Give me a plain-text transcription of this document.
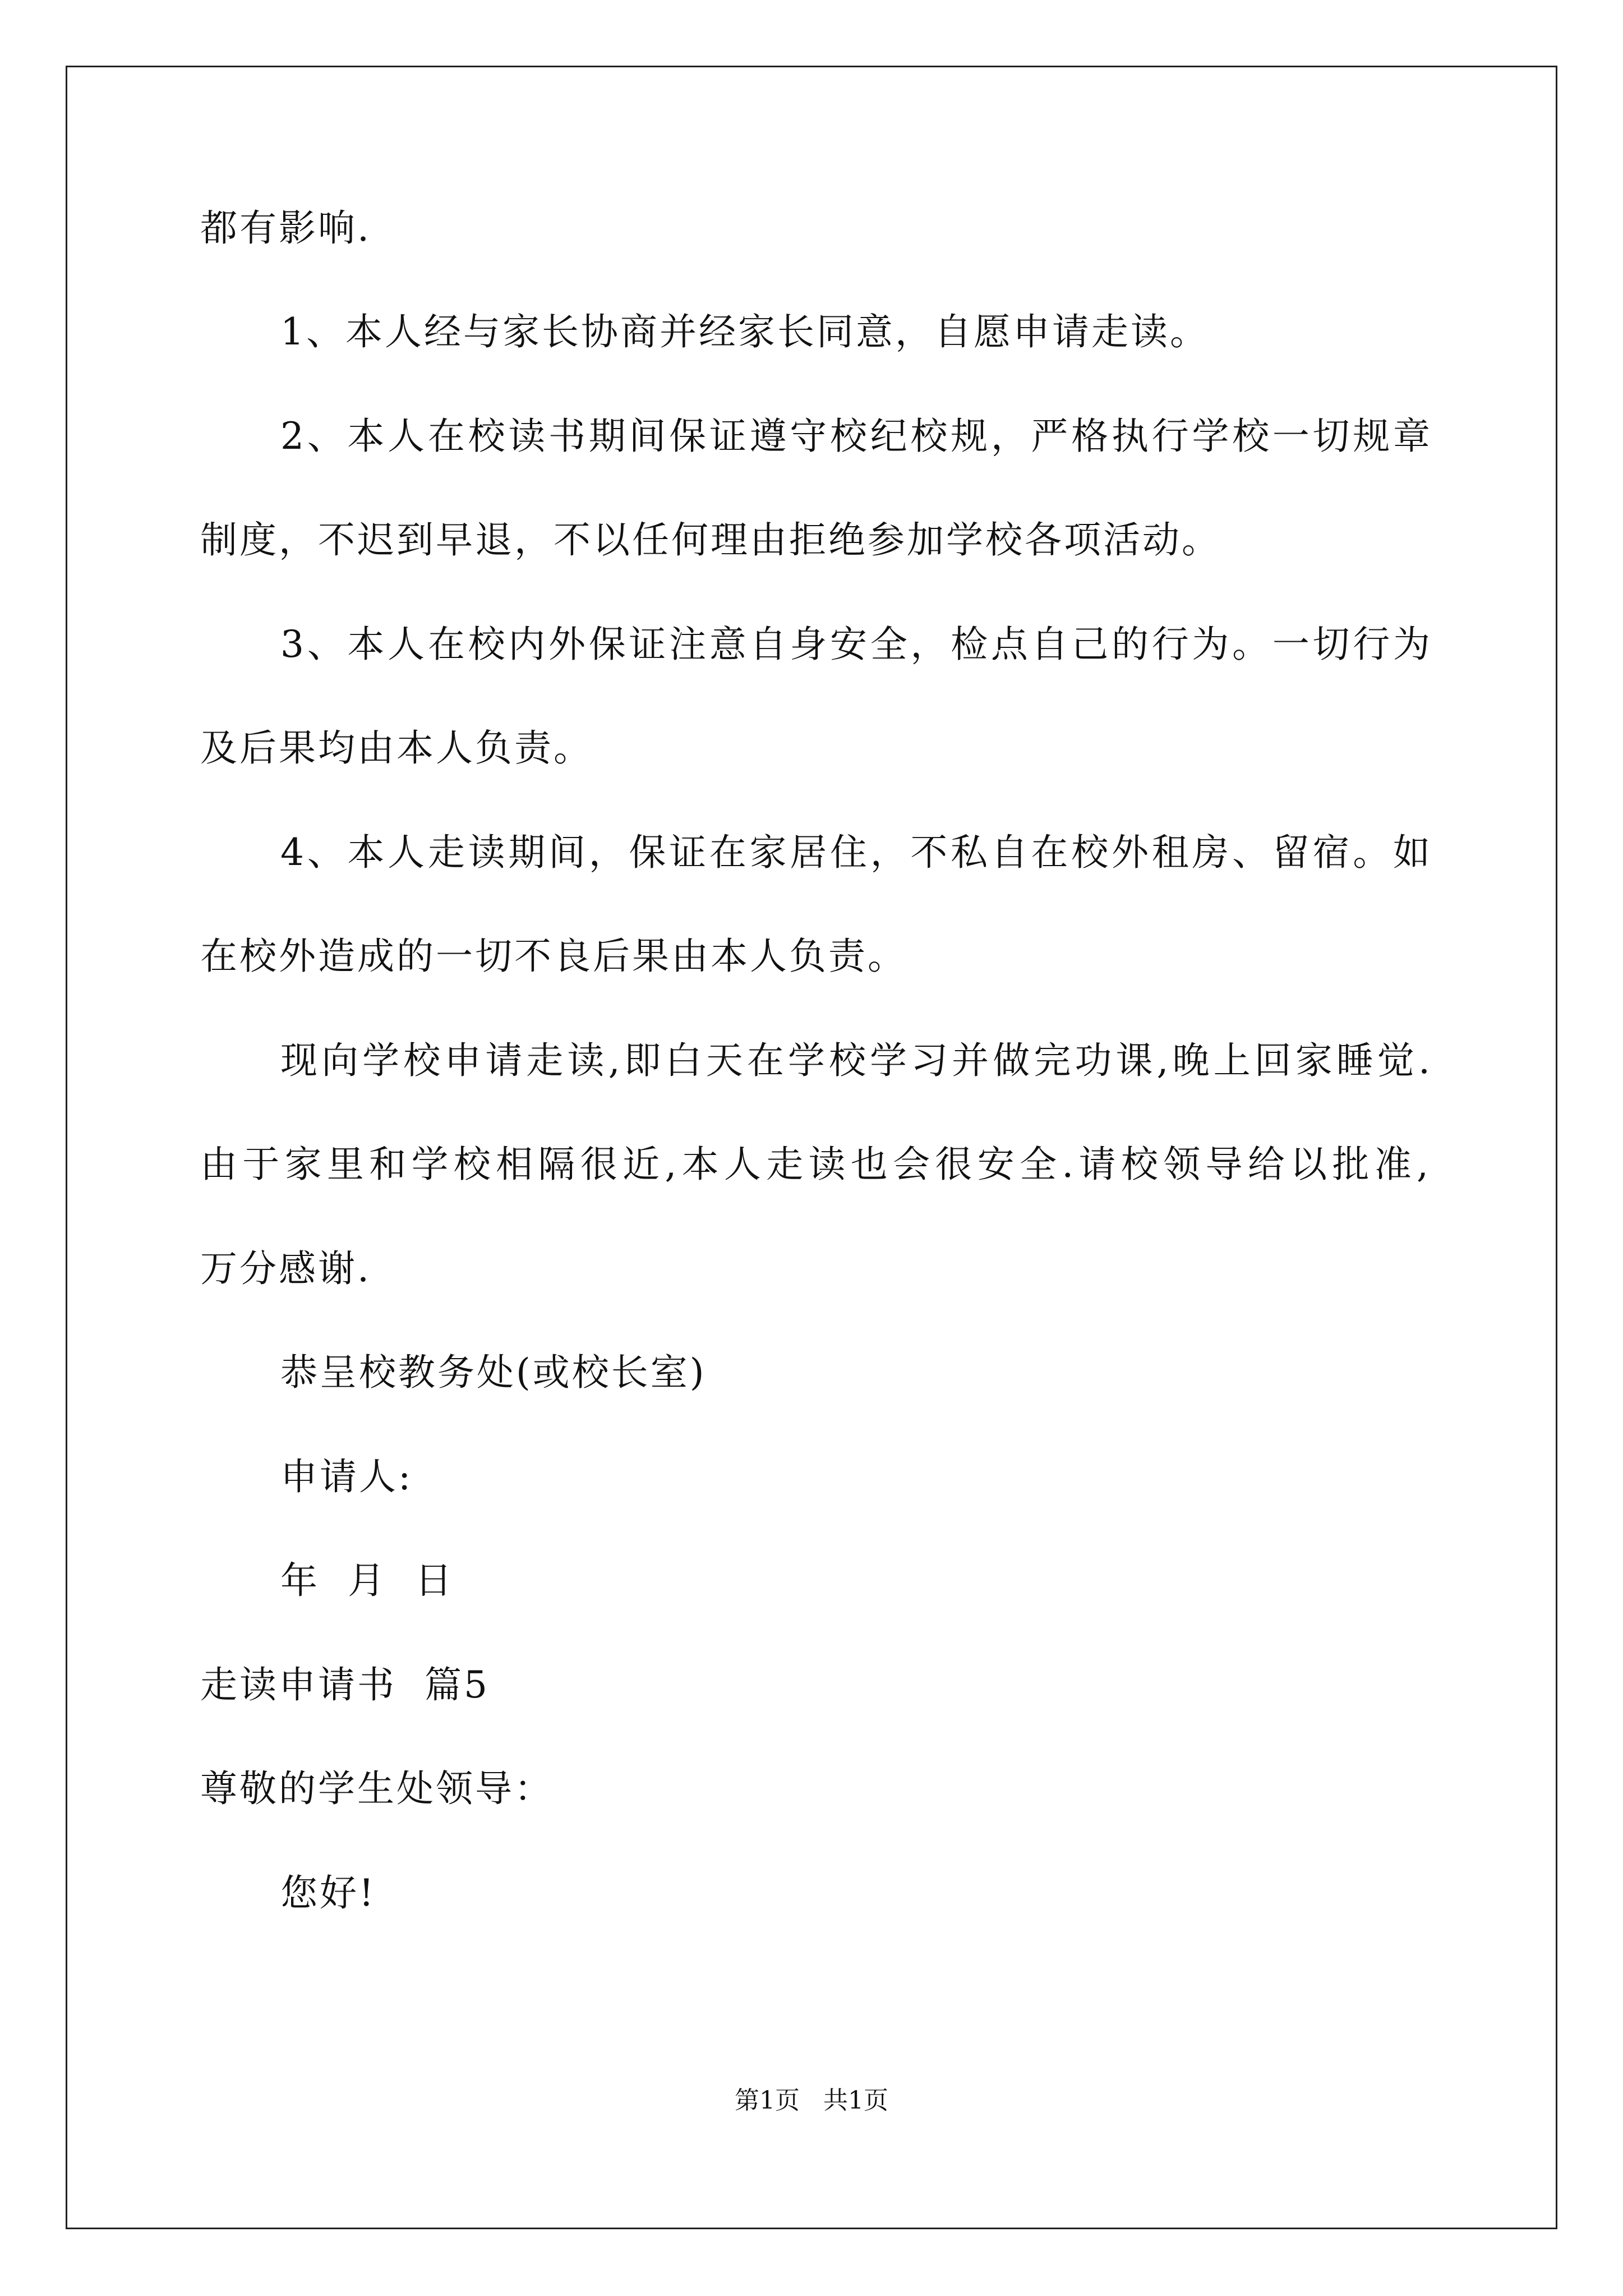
都有影响.
1、本人经与家长协商并经家长同意，自愿申请走读。
2、本人在校读书期间保证遵守校纪校规，严格执行学校一切规章
制度，不迟到早退，不以任何理由拒绝参加学校各项活动。
3、本人在校内外保证注意自身安全，检点自己的行为。一切行为
及后果均由本人负责。
4、本人走读期间，保证在家居住，不私自在校外租房、留宿。如
在校外造成的一切不良后果由本人负责。
现向学校申请走读,即白天在学校学习并做完功课,晚上回家睡觉.
由于家里和学校相隔很近,本人走读也会很安全.请校领导给以批准,
万分感谢.
恭呈校教务处(或校长室)
申请人:
年  月  日
走读申请书  篇5
尊敬的学生处领导：
您好!
第1页   共1页
